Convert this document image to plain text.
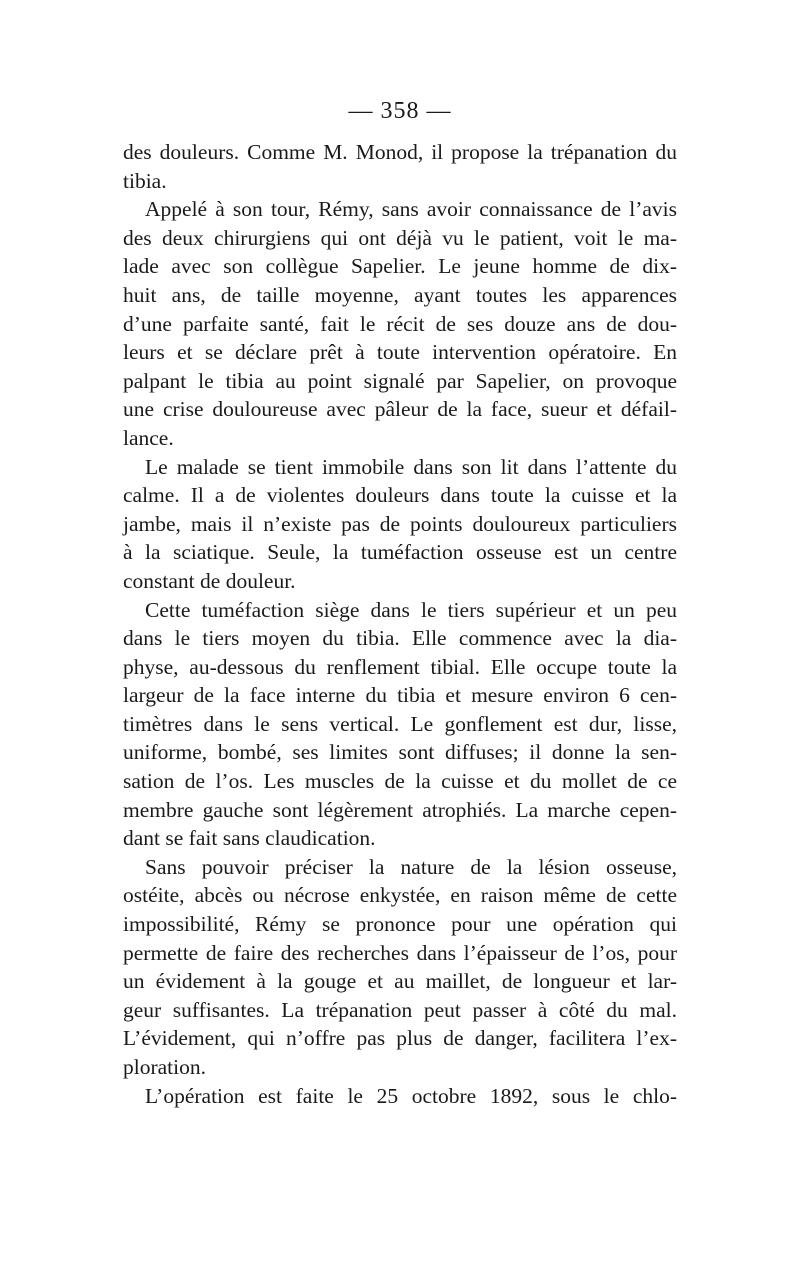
— 358 —
des douleurs. Comme M. Monod, il propose la trépanation du
tibia.
Appelé à son tour, Rémy, sans avoir connaissance de l’avis
des deux chirurgiens qui ont déjà vu le patient, voit le ma-
lade avec son collègue Sapelier. Le jeune homme de dix-
huit ans, de taille moyenne, ayant toutes les apparences
d’une parfaite santé, fait le récit de ses douze ans de dou-
leurs et se déclare prêt à toute intervention opératoire. En
palpant le tibia au point signalé par Sapelier, on provoque
une crise douloureuse avec pâleur de la face, sueur et défail-
lance.
Le malade se tient immobile dans son lit dans l’attente du
calme. Il a de violentes douleurs dans toute la cuisse et la
jambe, mais il n’existe pas de points douloureux particuliers
à la sciatique. Seule, la tuméfaction osseuse est un centre
constant de douleur.
Cette tuméfaction siège dans le tiers supérieur et un peu
dans le tiers moyen du tibia. Elle commence avec la dia-
physe, au-dessous du renflement tibial. Elle occupe toute la
largeur de la face interne du tibia et mesure environ 6 cen-
timètres dans le sens vertical. Le gonflement est dur, lisse,
uniforme, bombé, ses limites sont diffuses; il donne la sen-
sation de l’os. Les muscles de la cuisse et du mollet de ce
membre gauche sont légèrement atrophiés. La marche cepen-
dant se fait sans claudication.
Sans pouvoir préciser la nature de la lésion osseuse,
ostéite, abcès ou nécrose enkystée, en raison même de cette
impossibilité, Rémy se prononce pour une opération qui
permette de faire des recherches dans l’épaisseur de l’os, pour
un évidement à la gouge et au maillet, de longueur et lar-
geur suffisantes. La trépanation peut passer à côté du mal.
L’évidement, qui n’offre pas plus de danger, facilitera l’ex-
ploration.
L’opération est faite le 25 octobre 1892, sous le chlo-
